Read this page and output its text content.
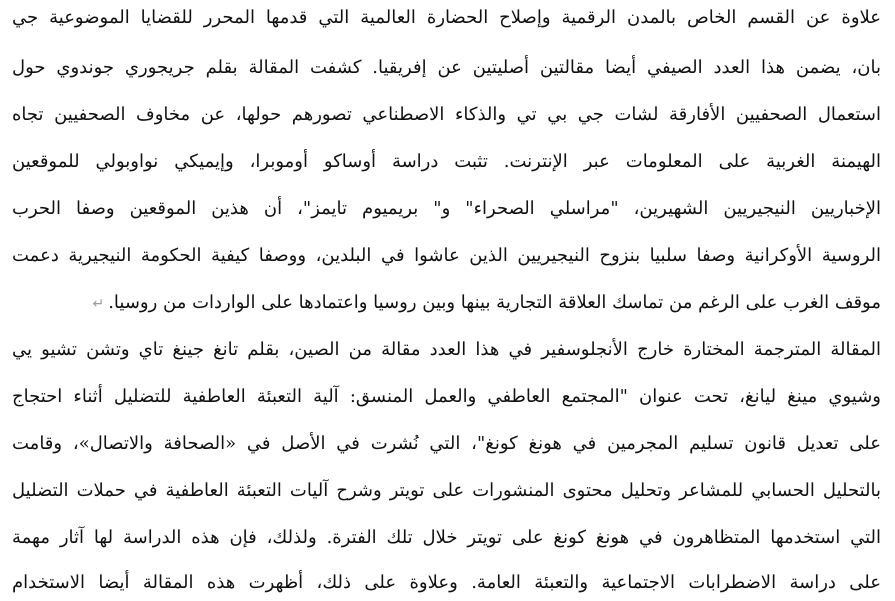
علاوة عن القسم الخاص بالمدن الرقمية وإصلاح الحضارة العالمية التي قدمها المحرر للقضايا الموضوعية جي
بان، يضمن هذا العدد الصيفي أيضا مقالتين أصليتين عن إفريقيا. كشفت المقالة بقلم جريجوري جوندوي حول
استعمال الصحفيين الأفارقة لشات جي بي تي والذكاء الاصطناعي تصورهم حولها، عن مخاوف الصحفيين تجاه
الهيمنة الغربية على المعلومات عبر الإنترنت. تثبت دراسة أوساكو أوموبرا، وإيميكي نواوبولي للموقعين
الإخباريين النيجيريين الشهيرين، "مراسلي الصحراء" و" بريميوم تايمز"، أن هذين الموقعين وصفا الحرب
الروسية الأوكرانية وصفا سلبيا بنزوح النيجيريين الذين عاشوا في البلدين، ووصفا كيفية الحكومة النيجيرية دعمت
موقف الغرب على الرغم من تماسك العلاقة التجارية بينها وبين روسيا واعتمادها على الواردات من روسيا.↵
المقالة المترجمة المختارة خارج الأنجلوسفير في هذا العدد مقالة من الصين، بقلم تانغ جينغ تاي وتشن تشيو يي
وشيوي مينغ ليانغ، تحت عنوان "المجتمع العاطفي والعمل المنسق: آلية التعبئة العاطفية للتضليل أثناء احتجاج
على تعديل قانون تسليم المجرمين في هونغ كونغ"، التي نُشرت في الأصل في «الصحافة والاتصال»، وقامت
بالتحليل الحسابي للمشاعر وتحليل محتوى المنشورات على تويتر وشرح آليات التعبئة العاطفية في حملات التضليل
التي استخدمها المتظاهرون في هونغ كونغ على تويتر خلال تلك الفترة. ولذلك، فإن هذه الدراسة لها آثار مهمة
على دراسة الاضطرابات الاجتماعية والتعبئة العامة. وعلاوة على ذلك، أظهرت هذه المقالة أيضا الاستخدام
